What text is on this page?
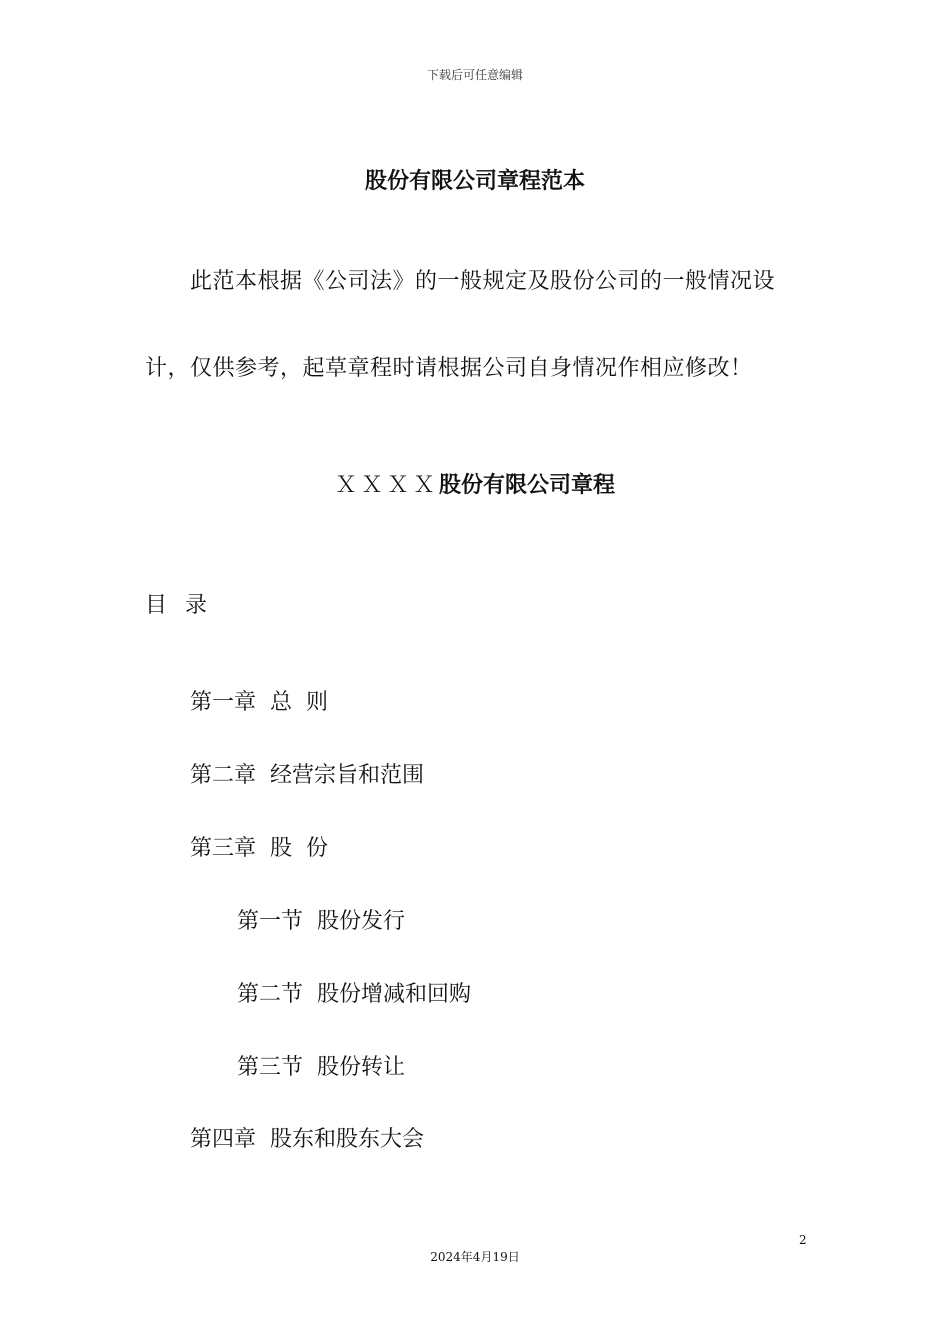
下载后可任意编辑
股份有限公司章程范本
此范本根据《公司法》的一般规定及股份公司的一般情况设
计，仅供参考，起草章程时请根据公司自身情况作相应修改！
ＸＸＸＸ股份有限公司章程
目录
第一章 总  则
第二章 经营宗旨和范围
第三章 股  份
第一节 股份发行
第二节 股份增减和回购
第三节 股份转让
第四章 股东和股东大会
2
2024年4月19日
